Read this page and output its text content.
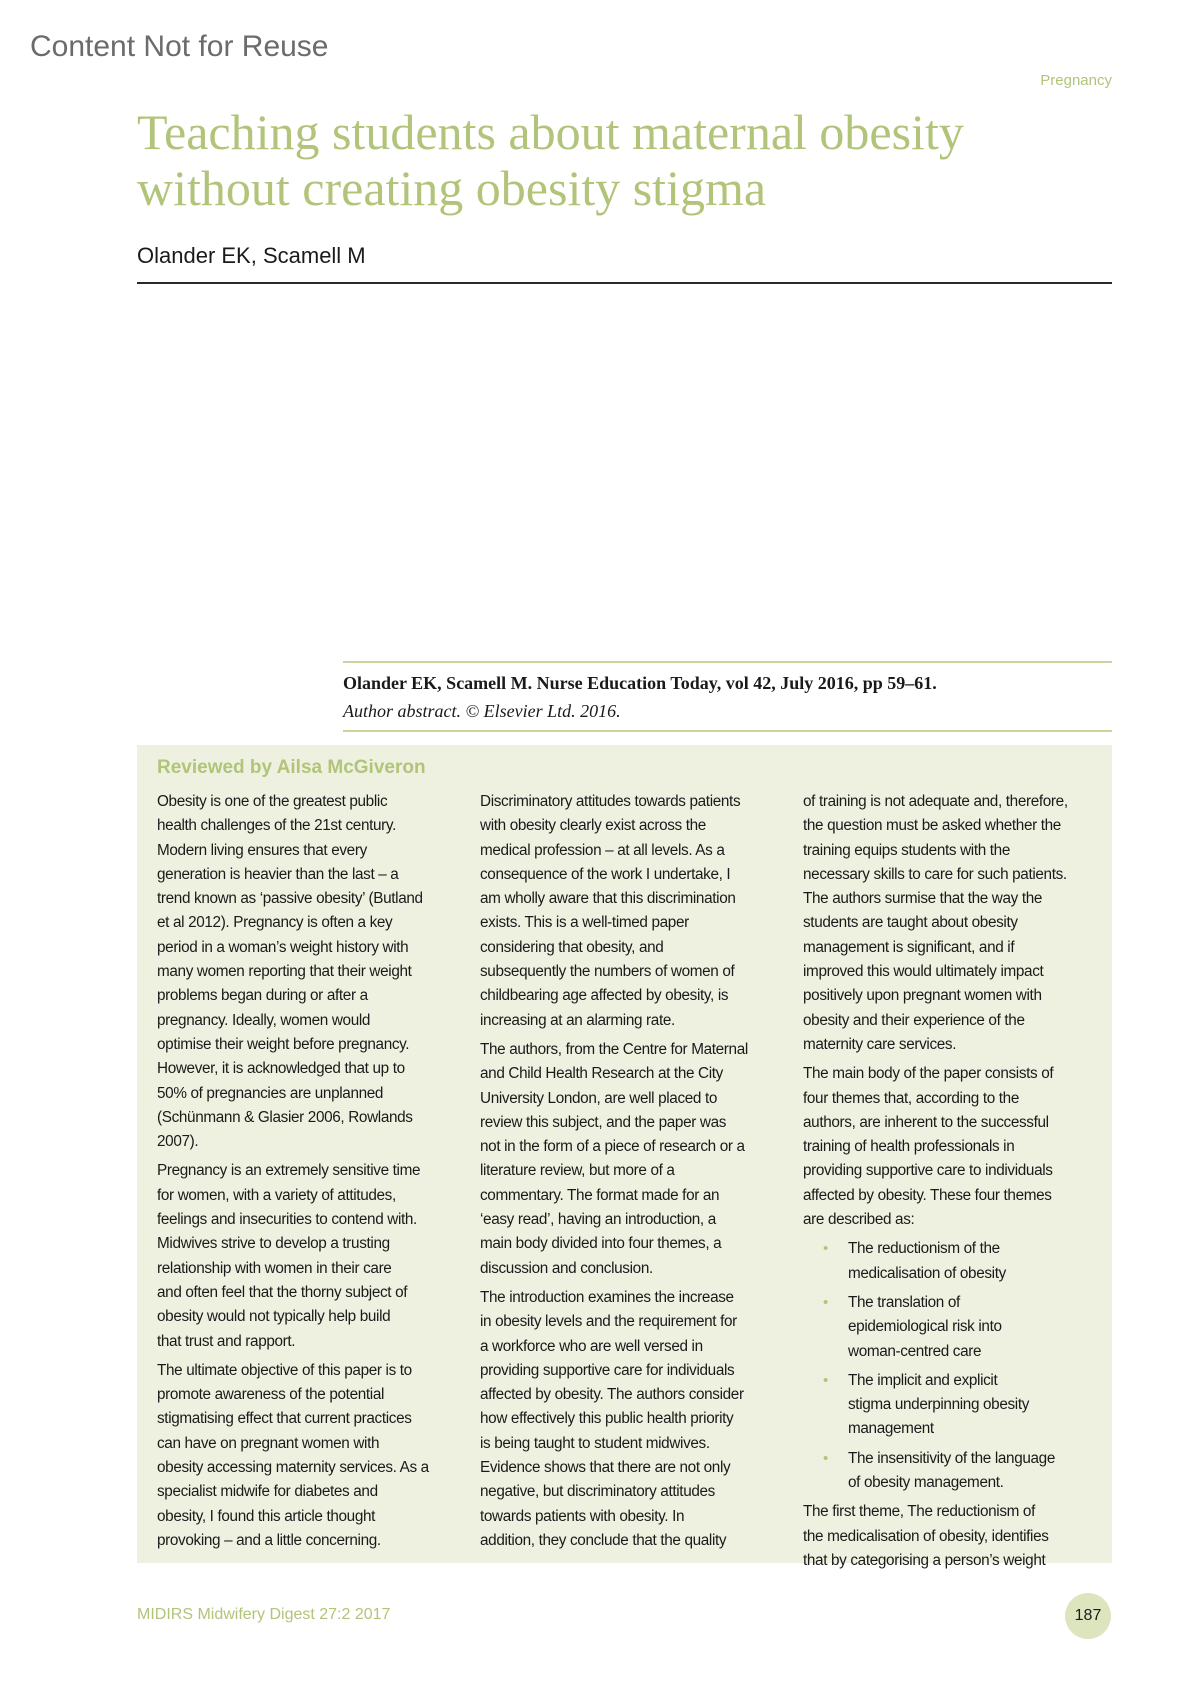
Content Not for Reuse
Pregnancy
Teaching students about maternal obesity
without creating obesity stigma
Olander EK, Scamell M
Olander EK, Scamell M. Nurse Education Today, vol 42, July 2016, pp 59–61.
Author abstract. © Elsevier Ltd. 2016.
Reviewed by Ailsa McGiveron

Obesity is one of the greatest public
health challenges of the 21st century.
Modern living ensures that every
generation is heavier than the last – a
trend known as ‘passive obesity’ (Butland
et al 2012). Pregnancy is often a key
period in a woman’s weight history with
many women reporting that their weight
problems began during or after a
pregnancy. Ideally, women would
optimise their weight before pregnancy.
However, it is acknowledged that up to
50% of pregnancies are unplanned
(Schünmann & Glasier 2006, Rowlands
2007).

Pregnancy is an extremely sensitive time
for women, with a variety of attitudes,
feelings and insecurities to contend with.
Midwives strive to develop a trusting
relationship with women in their care
and often feel that the thorny subject of
obesity would not typically help build
that trust and rapport.

The ultimate objective of this paper is to
promote awareness of the potential
stigmatising effect that current practices
can have on pregnant women with
obesity accessing maternity services. As a
specialist midwife for diabetes and
obesity, I found this article thought
provoking – and a little concerning.

Discriminatory attitudes towards patients
with obesity clearly exist across the
medical profession – at all levels. As a
consequence of the work I undertake, I
am wholly aware that this discrimination
exists. This is a well-timed paper
considering that obesity, and
subsequently the numbers of women of
childbearing age affected by obesity, is
increasing at an alarming rate.

The authors, from the Centre for Maternal
and Child Health Research at the City
University London, are well placed to
review this subject, and the paper was
not in the form of a piece of research or a
literature review, but more of a
commentary. The format made for an
‘easy read’, having an introduction, a
main body divided into four themes, a
discussion and conclusion.

The introduction examines the increase
in obesity levels and the requirement for
a workforce who are well versed in
providing supportive care for individuals
affected by obesity. The authors consider
how effectively this public health priority
is being taught to student midwives.
Evidence shows that there are not only
negative, but discriminatory attitudes
towards patients with obesity. In
addition, they conclude that the quality

of training is not adequate and, therefore,
the question must be asked whether the
training equips students with the
necessary skills to care for such patients.
The authors surmise that the way the
students are taught about obesity
management is significant, and if
improved this would ultimately impact
positively upon pregnant women with
obesity and their experience of the
maternity care services.

The main body of the paper consists of
four themes that, according to the
authors, are inherent to the successful
training of health professionals in
providing supportive care to individuals
affected by obesity. These four themes
are described as:

• The reductionism of the
medicalisation of obesity
• The translation of
epidemiological risk into
woman-centred care
• The implicit and explicit
stigma underpinning obesity
management
• The insensitivity of the language
of obesity management.

The first theme, The reductionism of
the medicalisation of obesity, identifies
that by categorising a person’s weight

MIDIRS Midwifery Digest 27:2 2017	187
